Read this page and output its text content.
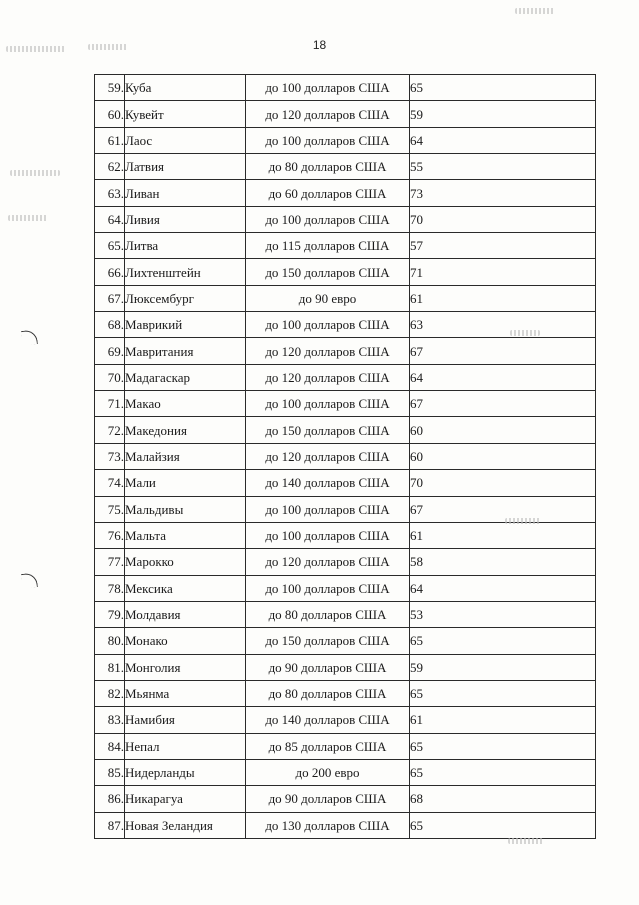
18
59.	Куба	до 100 долларов США	65
60.	Кувейт	до 120 долларов США	59
61.	Лаос	до 100 долларов США	64
62.	Латвия	до 80 долларов США	55
63.	Ливан	до 60 долларов США	73
64.	Ливия	до 100 долларов США	70
65.	Литва	до 115 долларов США	57
66.	Лихтенштейн	до 150 долларов США	71
67.	Люксембург	до 90 евро	61
68.	Маврикий	до 100 долларов США	63
69.	Мавритания	до 120 долларов США	67
70.	Мадагаскар	до 120 долларов США	64
71.	Макао	до 100 долларов США	67
72.	Македония	до 150 долларов США	60
73.	Малайзия	до 120 долларов США	60
74.	Мали	до 140 долларов США	70
75.	Мальдивы	до 100 долларов США	67
76.	Мальта	до 100 долларов США	61
77.	Марокко	до 120 долларов США	58
78.	Мексика	до 100 долларов США	64
79.	Молдавия	до 80 долларов США	53
80.	Монако	до 150 долларов США	65
81.	Монголия	до 90 долларов США	59
82.	Мьянма	до 80 долларов США	65
83.	Намибия	до 140 долларов США	61
84.	Непал	до 85 долларов США	65
85.	Нидерланды	до 200 евро	65
86.	Никарагуа	до 90 долларов США	68
87.	Новая Зеландия	до 130 долларов США	65
